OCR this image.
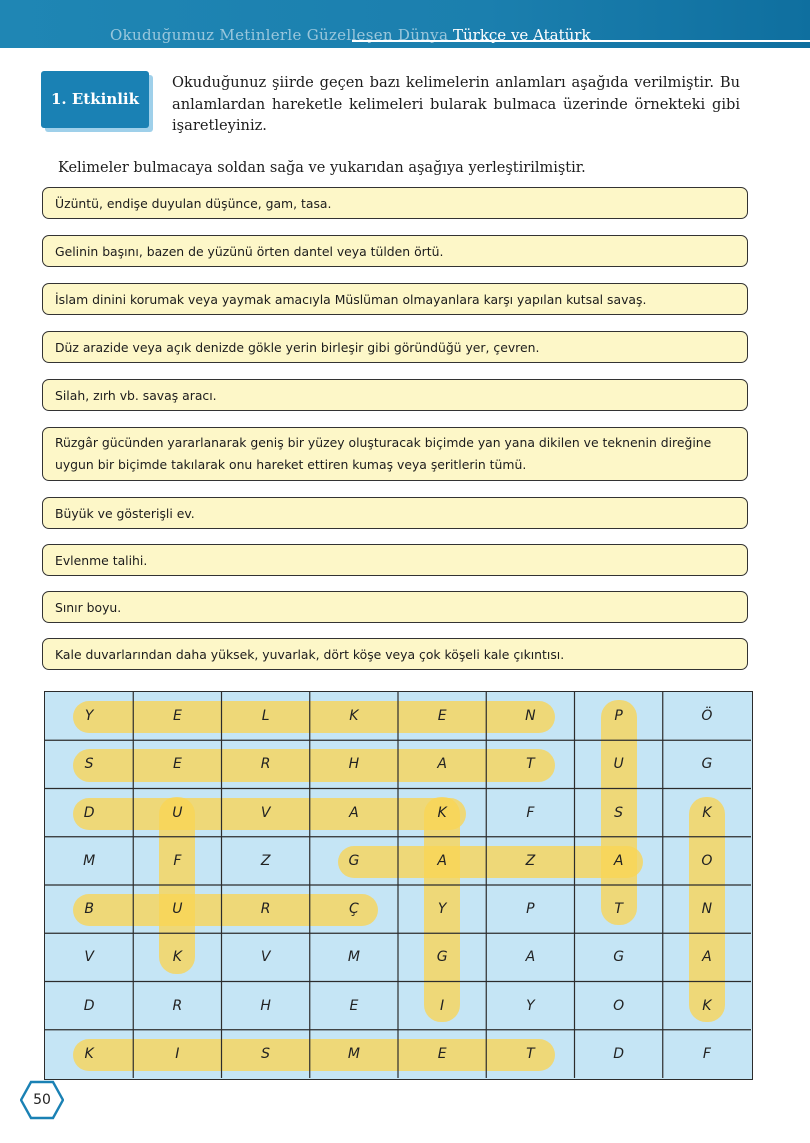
Okuduğumuz Metinlerle Güzelleşen Dünya Türkçe ve Atatürk
1. Etkinlik
Okuduğunuz şiirde geçen bazı kelimelerin anlamları aşağıda verilmiştir. Bu anlamlardan hareketle kelimeleri bularak bulmaca üzerinde örnekteki gibi işaretleyiniz.
Kelimeler bulmacaya soldan sağa ve yukarıdan aşağıya yerleştirilmiştir.
Üzüntü, endişe duyulan düşünce, gam, tasa.
Gelinin başını, bazen de yüzünü örten dantel veya tülden örtü.
İslam dinini korumak veya yaymak amacıyla Müslüman olmayanlara karşı yapılan kutsal savaş.
Düz arazide veya açık denizde gökle yerin birleşir gibi göründüğü yer, çevren.
Silah, zırh vb. savaş aracı.
Rüzgâr gücünden yararlanarak geniş bir yüzey oluşturacak biçimde yan yana dikilen ve teknenin direğine uygun bir biçimde takılarak onu hareket ettiren kumaş veya şeritlerin tümü.
Büyük ve gösterişli ev.
Evlenme talihi.
Sınır boyu.
Kale duvarlarından daha yüksek, yuvarlak, dört köşe veya çok köşeli kale çıkıntısı.
Y	E	L	K	E	N	P	Ö
S	E	R	H	A	T	U	G
D	U	V	A	K	F	S	K
M	F	Z	G	A	Z	A	O
B	U	R	Ç	Y	P	T	N
V	K	V	M	G	A	G	A
D	R	H	E	I	Y	O	K
K	I	S	M	E	T	D	F
50
